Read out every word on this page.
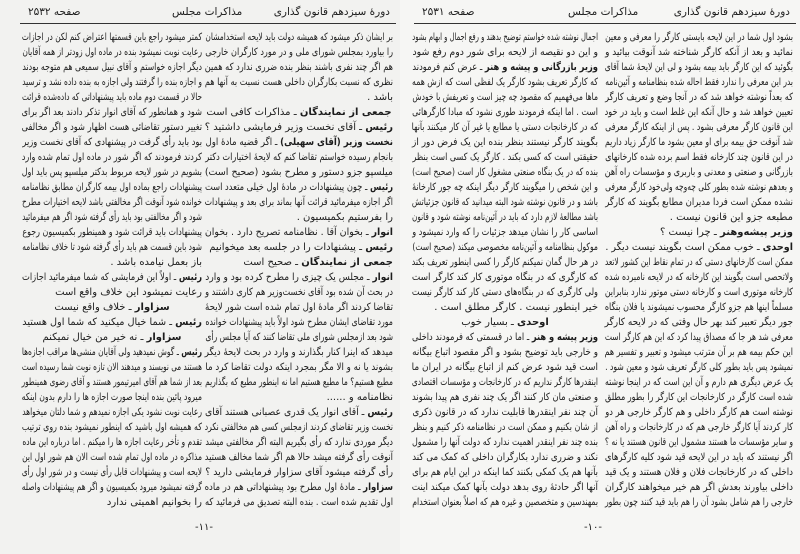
دورهٔ سیزدهم قانون گذاری
مذاکرات مجلس
صفحه ۲۵۳۱
بشود اول شما در این لایحه بایستی کارگر را معرفی و معین
نمائید و بعد از آنکه کارگر شناخته شد آنوقت بیائید و
بگوئید که این کارگر باید بیمه بشود و لی این لایحهٔ شما آقای
بدر این معرفی را ندارد فقط احاله شده بنظامنامه و آئین‌نامه
که بعداً نوشته خواهد شد که در آنجا وضع و تعریف کارگر
تعیین خواهد شد و حال آنکه این غلط است و باید در خود
این قانون کارگر معرفی بشود . پس از اینکه کارگر معرفی
شد آنوقت حق بیمه برای او معین بشود ما کارگر زیاد داریم
در این قانون چند کارخانه فقط اسم برده شده کارخانهای
بازرگانی و صنعتی و معدنی و باربری و مؤسسات راه آهن
و بعدهم نوشته شده بطور کلی چه‌وچه ولی‌خود کارگر معرفی
نشده ممکن است فردا مدیران مطابع بگویند که کارگر
مطبعه جزو این قانون نیست .
وزیر پیشه‌وهنر ـ چرا نیست ؟
اوحدی ـ خوب ممکن است بگویند نیست دیگر .
ممکن است کارخانهای دستی که در تمام نقاط این کشور لاتعد
ولاتحصی است بگویند این کارخانه که در لایحه نامبرده شده
کارخانه موتوری است و کارخانه دستی موتور ندارد بنابراین
مسلماً اینها هم جزو کارگر محسوب نمیشوند یا فلان بنگاه
جور دیگر تعبیر کند بهر حال وقتی که در لایحه کارگر
معرفی شد هر جا که مصداق پیدا کرد که این هم کارگر است
این حکم بیمه هم بر آن مترتب میشود و تعبیر و تفسیر هم
نمیشود پس باید بطور کلی کارگر تعریف شود و معین شود .
یک عرض دیگری هم دارم و آن این است که در اینجا نوشته
شده است کارگر در کارخانجات این کارگر را بطور مطلق
نوشته است هم کارگر داخلی و هم کارگر خارجی هر دو
کار کردند آیا کارگر خارجی هم که در کارخانجات و راه آهن
و سایر مؤسسات ما هستند مشمول این قانون هستند یا نه ؟
اگر نیستند که باید در این لایحه قید شود کلیه کارگرهای
داخلی که در کارخانجات فلان و فلان هستند و یک قید
داخلی بیاورند بعدش اگر هم خیر میخواهند کارگران
خارجی را هم شامل بشود آن را هم باید قید کنند چون بطور
اجمال نوشته شده خواستم توضیح بدهند و رفع اجمال و ابهام بشود
و این دو نقیصه از لایحه برای شور دوم رفع شود
وزیر بازرگانی و پیشه و هنر ـ عرض کنم فرمودند
که کارگر تعریف بشود کارگر یک لفظی است که ازش همه
ماها می‌فهمیم که مقصود چه چیز است و تعریفش با خودش
است . اما اینکه فرمودند طوری نشود که مبادا کارگرهائی
که در کارخانجات دستی یا مطابع یا غیر آن کار میکنند بآنها
بگویند کارگر نیستند بنظر بنده این یک فرض دور از
حقیقتی است که کسی بکند . کارگر یک کسی است بنظر
بنده که در یک بنگاه صنعتی مشغول کار است (صحیح است)
و این شخص را میگویند کارگر دیگر اینکه چه جور کارخانهٔ
باشد و در قانون نوشته شود البته میدانید که قانون جزئیاتش
باشد مطالعهٔ لازم دارد که باید در آئین‌نامه نوشته شود و قانون
اساسی کار را نشان میدهد جزئیات را که وارد نمیشود و
موکول بنظامنامه و آئین‌نامه مخصوصی میکند (صحیح است)
در هر حال گمان نمیکنم کارگر را کسی اینطور تعریف بکند
که کارگری که در بنگاه موتوری کار کند کارگر است
ولی کارگری که در بنگاه‌های دستی کار کند کارگر نیست
خیر اینطور نیست . کارگر مطلق است .
اوحدی ـ بسیار خوب
وزیر پیشه و هنر ـ اما در قسمتی که فرمودند داخلی
و خارجی باید توضیح بشود و اگر مقصود اتباع بیگانه
است قید شود عرض کنم از اتباع بیگانه در ایران ما
اینقدرها کارگر نداریم که در کارخانجات و مؤسسات اقتصادی
و صنعتی مان کار کنند اگر یک چند نفری هم پیدا بشوند
آن چند نفر اینقدرها قابلیت ندارد که در قانون ذکری
از شان بکنیم و ممکن است در نظامنامه ذکر کنیم و بنظر
بنده چند نفر اینقدر اهمیت ندارد که دولت آنها را مشمول
نکند و ضرری ندارد بکارگران داخلی که کمک می کند
بآنها هم یک کمکی بکنند کما اینکه در این ایام هم برای
آنها اگر حادثهٔ روی بدهد دولت بآنها کمک میکند اینت
بمهندسین و متخصصین و غیره هم که اصلاً بعنوان استخدام
-۱۰-
دورهٔ سیزدهم قانون گذاری
مذاکرات مجلس
صفحه ۲۵۳۲
بر ایشان ذکر میشود که همیشه دولت باید لایحه استخدامشان
را بیاورد بمجلس شورای ملی و در مورد کارگران خارجی
هم اگر چند نفری باشند بنظر بنده ضرری ندارد که همین
نظری که نسبت بکارگران داخلی هست نسبت به آنها هم
باشد .
جمعی از نمایندگان ـ مذاکرات کافی است
رئیس ـ آقای نخست وزیر فرمایشی داشتید ؟
نخست وزیر (آقای سهیلی) ـ اگر قضیه مادهٔ اول
بانجام رسیده خواستم تقاضا کنم که لایحهٔ اختیارات دکتر
میلسپو جزو دستور و مطرح بشود (صحیح است)
رئیس ـ چون پیشنهادات در مادهٔ اول خیلی متعدد است
اگر اجازه میفرمائید قرائت آنها بماند برای بعد و پیشنهادات
را بفرستیم بکمیسیون .
انوار ـ بخوان آقا . نظامنامه تصریح دارد . بخوان
رئیس ـ پیشنهادات را در جلسه بعد میخوانیم
جمعی از نمایندگان ـ صحیح است
انوار ـ مجلس یک چیزی را مطرح کرده بود و وارد
در بحث آن شده بود آقای نخست‌وزیر هم کاری داشتند و
تقاضا کردند اگر مادهٔ اول تمام شده است شور لایحهٔ
مورد تقاضای ایشان مطرح شود اولاً باید پیشنهادات خوانده
شود بعد ازمجلس شورای ملی تقاضا کنند که آیا مجلس رأی
میدهد که اینرا کنار بگذارند و وارد در بحث لایحهٔ دیگر
بشوند یا نه و الا مگر بمجرد اینکه دولت تقاضا کرد ما
مطیع هستیم؟ ما مطیع هستیم اما نه اینطور مطیع که بگذاریم
نظامنامه و ......
رئیس ـ آقای انوار یک قدری عصبانی هستند آقای
نخست وزیر تقاضای کردند ازمجلس کسی هم مخالفتی نکرد
دیگر موردی ندارد که رأی بگیریم البته اگر مخالفتی میشد
آنوقت رأی گرفته میشد حالا هم اگر شما مخالف هستید
رأی گرفته میشود آقای سزاوار فرمایشی دارید ؟
سزاوار ـ مادهٔ اول مطرح بود پیشنهاداتی هم در ماده
اول تقدیم شده است . بنده البته تصدیق می فرمائید که
کمتر میشود راجع باین قسمتها اعتراض کنم لکن در اجازات
رعایت نوبت نمیشود بنده در ماده اول زودتر از همه آقایان
دیگر اجازه خواستم و آقای نبیل سمیعی هم متوجه بودند
و اجازه بنده را گرفتند ولی اجازه به بنده داده نشد و ترسید
حالا در قسمت دوم ماده باید پیشنهاداتی که داده‌شده قرائت
شود و همانطور که آقای انوار تذکر دادند بعد اگر برای
تغییر دستور تقاضائی هست اظهار شود و اگر مخالفی
بود باید رأی گرفت در پیشنهادی که آقای نخست وزیر
کردند فرمودند که اگر شور در ماده اول تمام شده وارد
بشویم در شور لایحه مربوط بدکتر میلسپو پس باید اول
پیشنهادات راجع بماده اول بیمه کارگران مطابق نظامنامه
خوانده شود آنوقت اگر مخالفتی باشد لایحه اختیارات مطرح
شود و اگر مخالفتی بود باید رأی گرفته شود اگر هم میفرمائید
پیشنهادات باید قرائت شود و همینطور بکمیسیون رجوع
شود باین قسمت هم باید رأی گرفته شود تا خلاف نظامنامه
باز بعمل نیامده باشد .
رئیس ـ اولاً این فرمایشی که شما میفرمائید اجازات
رعایت نمیشود این خلاف واقع است
سزاوار ـ خلاف واقع نیست
رئیس ـ شما خیال میکنید که شما اول هستید
سزاوار ـ نه خیر من خیال نمیکنم
رئیس ـ گوش نمیدهید ولی آقایان منشی‌ها مراقب اجازه‌ها
هستند می نویسند و میدهند الان تازه نوبت شما رسیده است
بعد از شما هم آقای امیرتیمور هستند و آقای رضوی همینطور
میرود پائین بنده اینجا صورت اجازه ها را دارم بدون اینکه
رعایت نوبت نشود یکی اجازه نمیدهم و شما دلتان میخواهد
که همیشه اول باشید که اینطور نمیشود بنده روی ترتیب
تقدم و تأخر رعایت اجازه ها را میکنم . اما درباره این ماده
مذاکره در ماده اول تمام شده است الان هم شور اول این
لایحه است و پیشنهادات قابل رأی نیست و در شور اول رأی
گرفته نمیشود میرود بکمیسیون و اگر هم پیشنهادات واصله
را بخوانیم اهمیتی ندارد
-۱۱-
